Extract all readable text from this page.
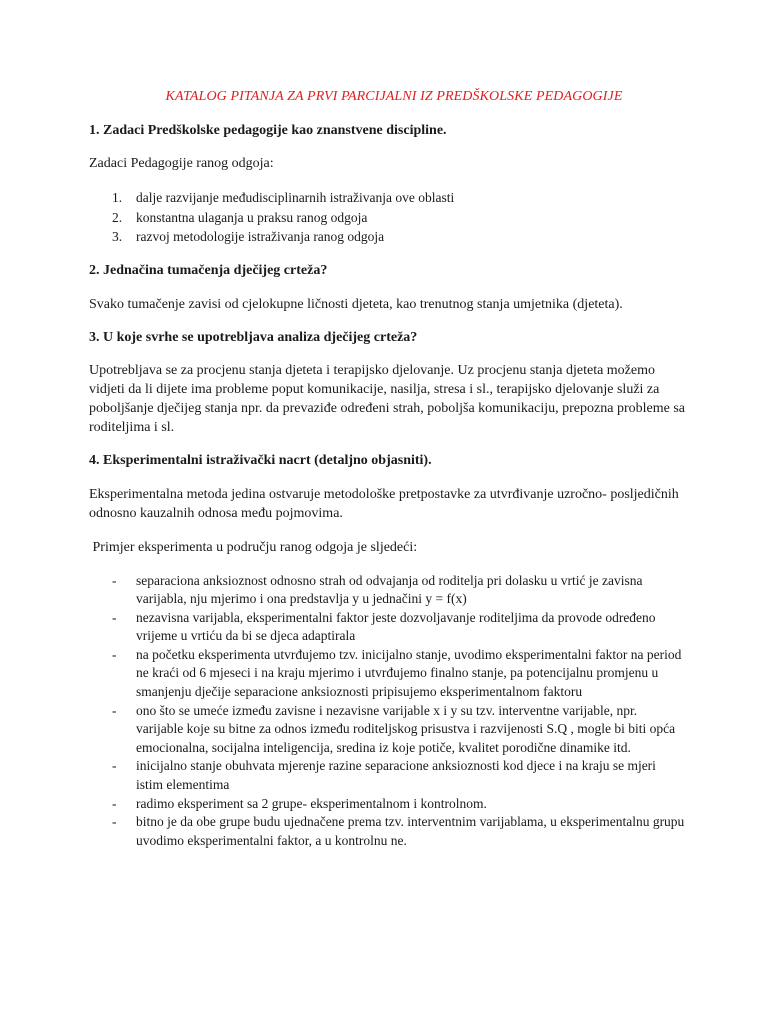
KATALOG PITANJA ZA PRVI PARCIJALNI IZ PREDŠKOLSKE PEDAGOGIJE

1. Zadaci Predškolske pedagogije kao znanstvene discipline.

Zadaci Pedagogije ranog odgoja:

1. dalje razvijanje međudisciplinarnih istraživanja ove oblasti
2. konstantna ulaganja u praksu ranog odgoja
3. razvoj metodologije istraživanja ranog odgoja

2. Jednačina tumačenja dječijeg crteža?

Svako tumačenje zavisi od cjelokupne ličnosti djeteta, kao trenutnog stanja umjetnika (djeteta).

3. U koje svrhe se upotrebljava analiza dječijeg crteža?

Upotrebljava se za procjenu stanja djeteta i terapijsko djelovanje. Uz procjenu stanja djeteta možemo vidjeti da li dijete ima probleme poput komunikacije, nasilja, stresa i sl., terapijsko djelovanje služi za poboljšanje dječijeg stanja npr. da prevaziđe određeni strah, poboljša komunikaciju, prepozna probleme sa roditeljima i sl.

4. Eksperimentalni istraživački nacrt (detaljno objasniti).

Eksperimentalna metoda jedina ostvaruje metodološke pretpostavke za utvrđivanje uzročno- posljedičnih odnosno kauzalnih odnosa među pojmovima.

Primjer eksperimenta u području ranog odgoja je sljedeći:

- separaciona anksioznost odnosno strah od odvajanja od roditelja pri dolasku u vrtić je zavisna varijabla, nju mjerimo i ona predstavlja y u jednačini y = f(x)
- nezavisna varijabla, eksperimentalni faktor jeste dozvoljavanje roditeljima da provode određeno vrijeme u vrtiću da bi se djeca adaptirala
- na početku eksperimenta utvrđujemo tzv. inicijalno stanje, uvodimo eksperimentalni faktor na period ne kraći od 6 mjeseci i na kraju mjerimo i utvrđujemo finalno stanje, pa potencijalnu promjenu u smanjenju dječije separacione anksioznosti pripisujemo eksperimentalnom faktoru
- ono što se umeće između zavisne i nezavisne varijable x i y su tzv. interventne varijable, npr. varijable koje su bitne za odnos između roditeljskog prisustva i razvijenosti S.Q , mogle bi biti opća emocionalna, socijalna inteligencija, sredina iz koje potiče, kvalitet porodične dinamike itd.
- inicijalno stanje obuhvata mjerenje razine separacione anksioznosti kod djece i na kraju se mjeri istim elementima
- radimo eksperiment sa 2 grupe- eksperimentalnom i kontrolnom.
- bitno je da obe grupe budu ujednačene prema tzv. interventnim varijablama, u eksperimentalnu grupu uvodimo eksperimentalni faktor, a u kontrolnu ne.
